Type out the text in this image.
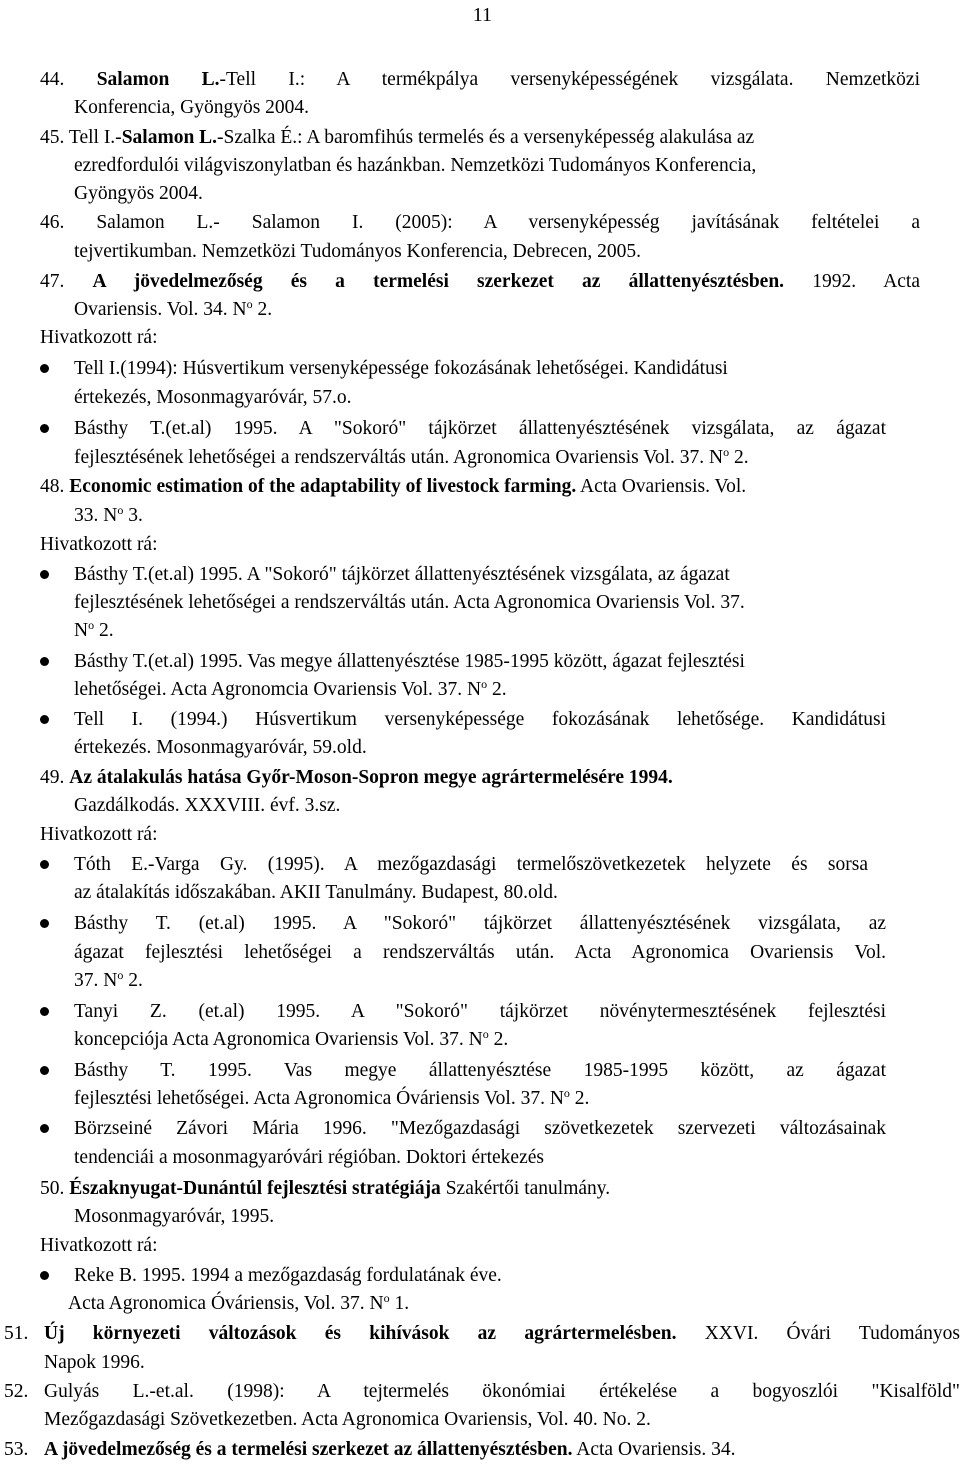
11
44. Salamon L.-Tell I.: A termékpálya versenyképességének vizsgálata. Nemzetközi
Konferencia, Gyöngyös 2004.
45. Tell I.-Salamon L.-Szalka É.: A baromfihús termelés és a versenyképesség alakulása az
ezredfordulói világviszonylatban és hazánkban. Nemzetközi Tudományos Konferencia,
Gyöngyös 2004.
46. Salamon L.- Salamon I. (2005): A versenyképesség javításának feltételei a
tejvertikumban. Nemzetközi Tudományos Konferencia, Debrecen, 2005.
47. A jövedelmezőség és a termelési szerkezet az állattenyésztésben. 1992. Acta
Ovariensis. Vol. 34. $N^o$ 2.
Hivatkozott rá:
Tell I.(1994): Húsvertikum versenyképessége fokozásának lehetőségei. Kandidátusi
értekezés, Mosonmagyaróvár, 57.o.
Básthy T.(et.al) 1995. A "Sokoró" tájkörzet állattenyésztésének vizsgálata, az ágazat
fejlesztésének lehetőségei a rendszerváltás után. Agronomica Ovariensis Vol. 37. $N^o$ 2.
48. Economic estimation of the adaptability of livestock farming. Acta Ovariensis. Vol.
33. $N^o$ 3.
Hivatkozott rá:
Básthy T.(et.al) 1995. A "Sokoró" tájkörzet állattenyésztésének vizsgálata, az ágazat
fejlesztésének lehetőségei a rendszerváltás után. Acta Agronomica Ovariensis Vol. 37.
$N^o$ 2.
Básthy T.(et.al) 1995. Vas megye állattenyésztése 1985-1995 között, ágazat fejlesztési
lehetőségei. Acta Agronomcia Ovariensis Vol. 37. $N^o$ 2.
Tell I. (1994.) Húsvertikum versenyképessége fokozásának lehetősége. Kandidátusi
értekezés. Mosonmagyaróvár, 59.old.
49. Az átalakulás hatása Győr-Moson-Sopron megye agrártermelésére 1994.
Gazdálkodás. XXXVIII. évf. 3.sz.
Hivatkozott rá:
Tóth E.-Varga Gy. (1995). A mezőgazdasági termelőszövetkezetek helyzete és sorsa
az átalakítás időszakában. AKII Tanulmány. Budapest, 80.old.
Básthy T. (et.al) 1995. A "Sokoró" tájkörzet állattenyésztésének vizsgálata, az
ágazat fejlesztési lehetőségei a rendszerváltás után. Acta Agronomica Ovariensis Vol.
37. $N^o$ 2.
Tanyi Z. (et.al) 1995. A "Sokoró" tájkörzet növénytermesztésének fejlesztési
koncepciója Acta Agronomica Ovariensis Vol. 37. $N^o$ 2.
Básthy T. 1995. Vas megye állattenyésztése 1985-1995 között, az ágazat
fejlesztési lehetőségei. Acta Agronomica Óváriensis Vol. 37. $N^o$ 2.
Börzseiné Závori Mária 1996. "Mezőgazdasági szövetkezetek szervezeti változásainak
tendenciái a mosonmagyaróvári régióban. Doktori értekezés
50. Északnyugat-Dunántúl fejlesztési stratégiája Szakértői tanulmány.
Mosonmagyaróvár, 1995.
Hivatkozott rá:
Reke B. 1995. 1994 a mezőgazdaság fordulatának éve.
Acta Agronomica Óváriensis, Vol. 37. $N^o$ 1.
51. Új környezeti változások és kihívások az agrártermelésben. XXVI. Óvári Tudományos
Napok 1996.
52. Gulyás L.-et.al. (1998): A tejtermelés ökonómiai értékelése a bogyoszlói "Kisalföld"
Mezőgazdasági Szövetkezetben. Acta Agronomica Ovariensis, Vol. 40. No. 2.
53. A jövedelmezőség és a termelési szerkezet az állattenyésztésben. Acta Ovariensis. 34.
